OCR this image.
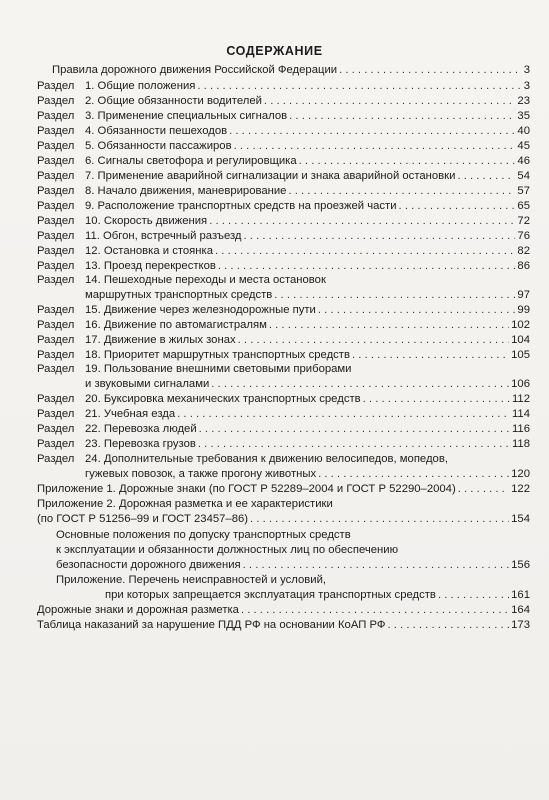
СОДЕРЖАНИЕ
Правила дорожного движения Российской Федерации . . .	3
Раздел 1. Общие положения . . .	3
Раздел 2. Общие обязанности водителей . . .	23
Раздел 3. Применение специальных сигналов . . .	35
Раздел 4. Обязанности пешеходов . . .	40
Раздел 5. Обязанности пассажиров . . .	45
Раздел 6. Сигналы светофора и регулировщика . . .	46
Раздел 7. Применение аварийной сигнализации и знака аварийной остановки . . .	54
Раздел 8. Начало движения, маневрирование . . .	57
Раздел 9. Расположение транспортных средств на проезжей части . . .	65
Раздел 10. Скорость движения . . .	72
Раздел 11. Обгон, встречный разъезд . . .	76
Раздел 12. Остановка и стоянка . . .	82
Раздел 13. Проезд перекрестков . . .	86
Раздел 14. Пешеходные переходы и места остановок
маршрутных транспортных средств . . .	97
Раздел 15. Движение через железнодорожные пути . . .	99
Раздел 16. Движение по автомагистралям . . .	102
Раздел 17. Движение в жилых зонах . . .	104
Раздел 18. Приоритет маршрутных транспортных средств . . .	105
Раздел 19. Пользование внешними световыми приборами
и звуковыми сигналами . . .	106
Раздел 20. Буксировка механических транспортных средств . . .	112
Раздел 21. Учебная езда . . .	114
Раздел 22. Перевозка людей . . .	116
Раздел 23. Перевозка грузов . . .	118
Раздел 24. Дополнительные требования к движению велосипедов, мопедов,
гужевых повозок, а также прогону животных . . .	120
Приложение 1. Дорожные знаки (по ГОСТ Р 52289–2004 и ГОСТ Р 52290–2004) . . .	122
Приложение 2. Дорожная разметка и ее характеристики
(по ГОСТ Р 51256–99 и ГОСТ 23457–86) . . .	154
Основные положения по допуску транспортных средств
к эксплуатации и обязанности должностных лиц по обеспечению
безопасности дорожного движения . . .	156
Приложение. Перечень неисправностей и условий,
при которых запрещается эксплуатация транспортных средств . . .	161
Дорожные знаки и дорожная разметка . . .	164
Таблица наказаний за нарушение ПДД РФ на основании КоАП РФ . . .	173
